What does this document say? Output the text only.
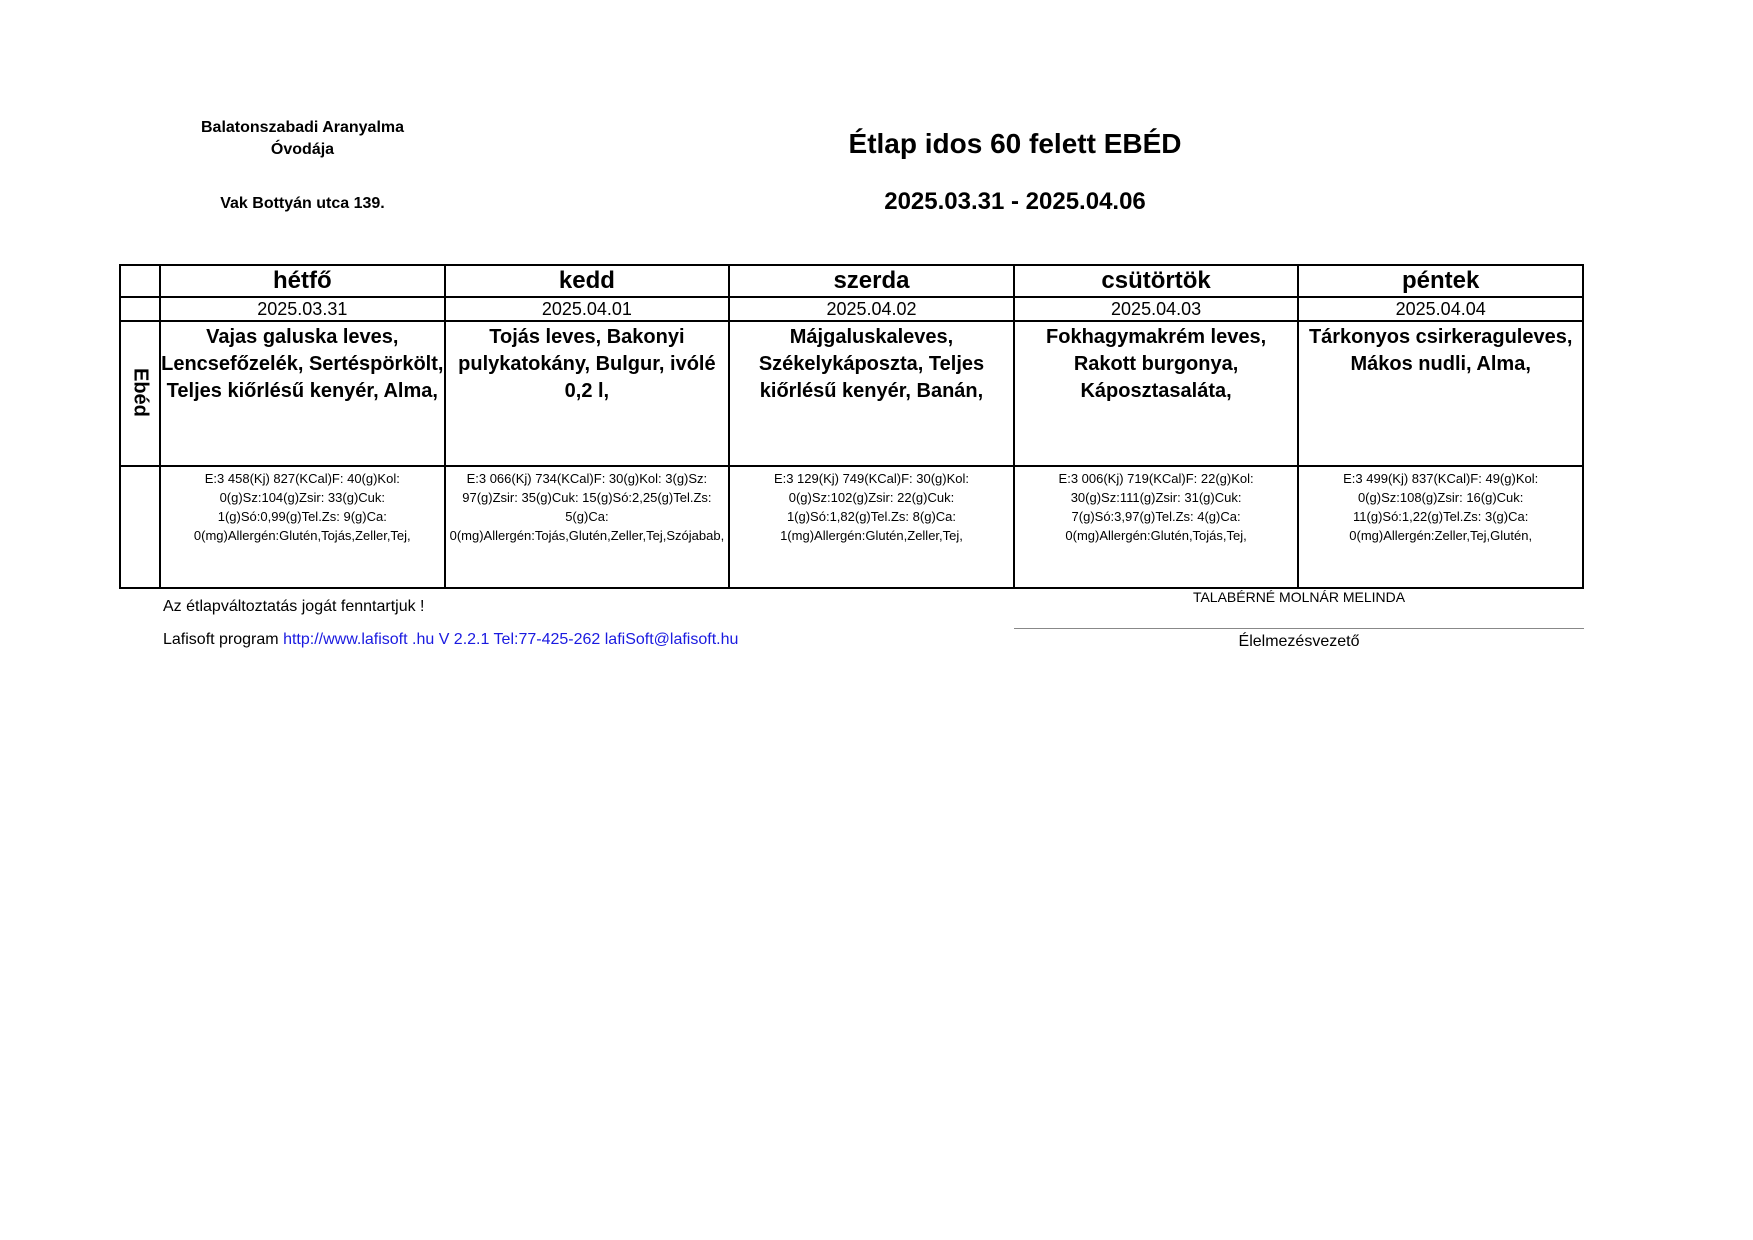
Balatonszabadi Aranyalma
Óvodája
Vak Bottyán utca 139.
Étlap idos 60 felett EBÉD
2025.03.31 - 2025.04.06
	hétfő	kedd	szerda	csütörtök	péntek
	2025.03.31	2025.04.01	2025.04.02	2025.04.03	2025.04.04

Ebéd	Vajas galuska leves, Lencsefőzelék, Sertéspörkölt, Teljes kiőrlésű kenyér, Alma,	Tojás leves, Bakonyi pulykatokány, Bulgur, ivólé 0,2 l,	Májgaluskaleves, Székelykáposzta, Teljes kiőrlésű kenyér, Banán,	Fokhagymakrém leves, Rakott burgonya, Káposztasaláta,	Tárkonyos csirkeraguleves, Mákos nudli, Alma,
	E:3 458(Kj) 827(KCal)F: 40(g)Kol: 0(g)Sz:104(g)Zsir: 33(g)Cuk: 1(g)Só:0,99(g)Tel.Zs: 9(g)Ca: 0(mg)Allergén:Glutén,Tojás,Zeller,Tej,	E:3 066(Kj) 734(KCal)F: 30(g)Kol: 3(g)Sz: 97(g)Zsir: 35(g)Cuk: 15(g)Só:2,25(g)Tel.Zs: 5(g)Ca: 0(mg)Allergén:Tojás,Glutén,Zeller,Tej,Szójabab,	E:3 129(Kj) 749(KCal)F: 30(g)Kol: 0(g)Sz:102(g)Zsir: 22(g)Cuk: 1(g)Só:1,82(g)Tel.Zs: 8(g)Ca: 1(mg)Allergén:Glutén,Zeller,Tej,	E:3 006(Kj) 719(KCal)F: 22(g)Kol: 30(g)Sz:111(g)Zsir: 31(g)Cuk: 7(g)Só:3,97(g)Tel.Zs: 4(g)Ca: 0(mg)Allergén:Glutén,Tojás,Tej,	E:3 499(Kj) 837(KCal)F: 49(g)Kol: 0(g)Sz:108(g)Zsir: 16(g)Cuk: 11(g)Só:1,22(g)Tel.Zs: 3(g)Ca: 0(mg)Allergén:Zeller,Tej,Glutén,
Az étlapváltoztatás jogát fenntartjuk !
Lafisoft program http://www.lafisoft .hu V 2.2.1 Tel:77-425-262 lafiSoft@lafisoft.hu
TALABÉRNÉ MOLNÁR MELINDA
Élelmezésvezető
